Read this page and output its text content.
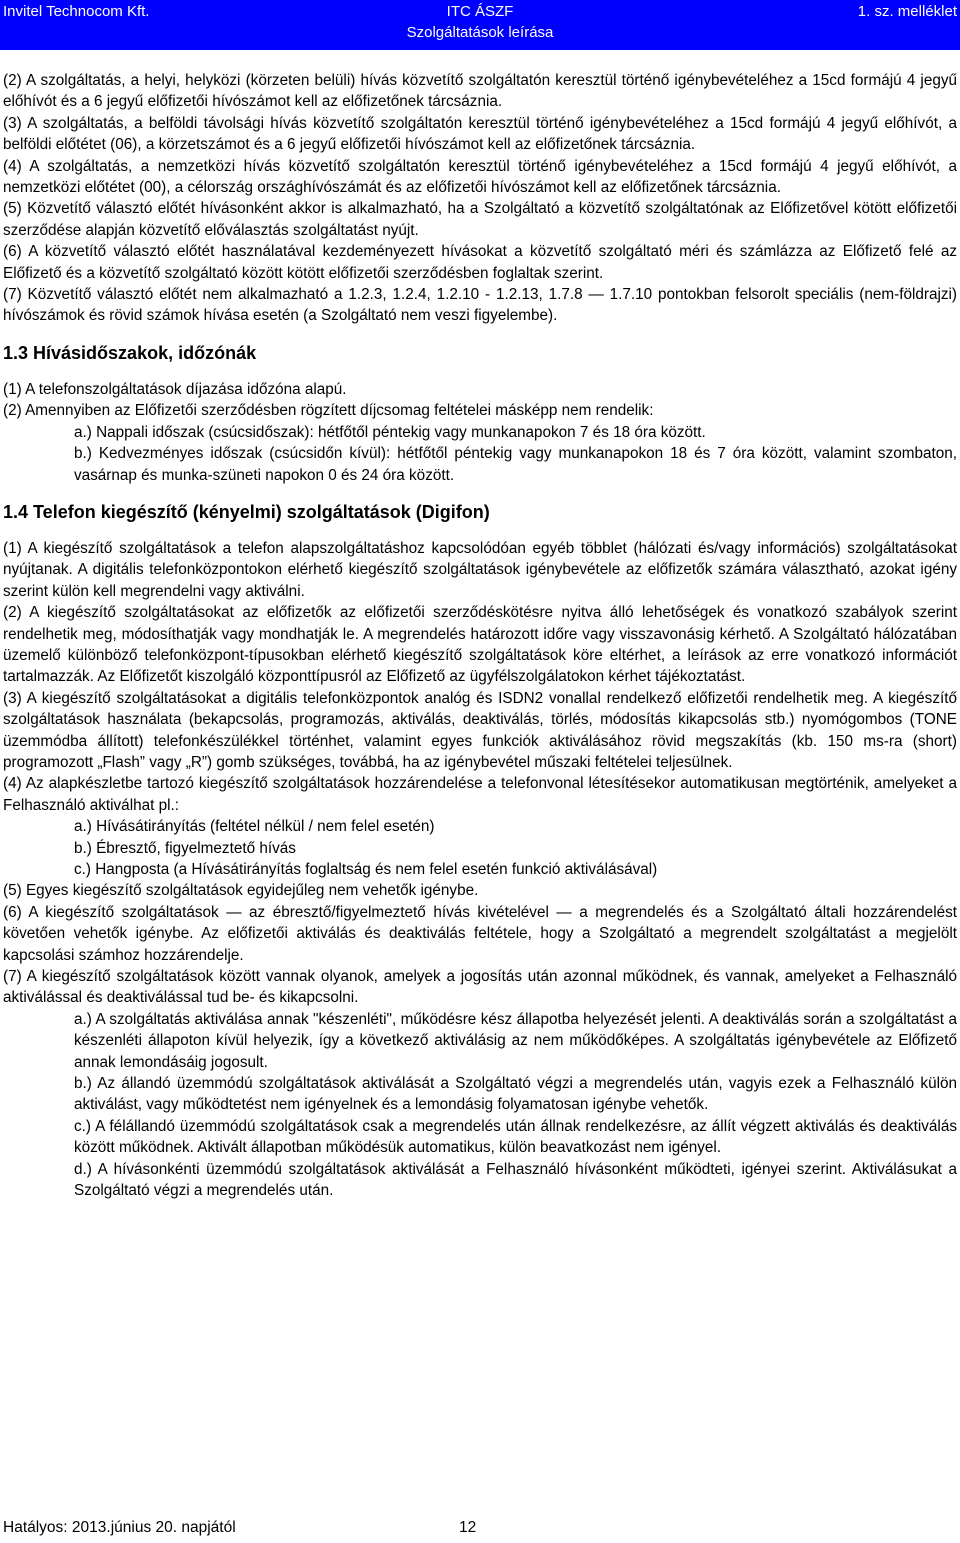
Invitel Technocom Kft.	ITC ÁSZF
Szolgáltatások leírása
1. sz. melléklet

(2) A szolgáltatás, a helyi, helyközi (körzeten belüli) hívás közvetítő szolgáltatón keresztül történő igénybevételéhez a 15cd formájú 4 jegyű előhívót és a 6 jegyű előfizetői hívószámot kell az előfizetőnek tárcsáznia.

(3) A szolgáltatás, a belföldi távolsági hívás közvetítő szolgáltatón keresztül történő igénybevételéhez a 15cd formájú 4 jegyű előhívót, a belföldi előtétet (06), a körzetszámot és a 6 jegyű előfizetői hívószámot kell az előfizetőnek tárcsáznia.

(4) A szolgáltatás, a nemzetközi hívás közvetítő szolgáltatón keresztül történő igénybevételéhez a 15cd formájú 4 jegyű előhívót, a nemzetközi előtétet (00), a célország országhívószámát és az előfizetői hívószámot kell az előfizetőnek tárcsáznia.

(5) Közvetítő választó előtét hívásonként akkor is alkalmazható, ha a Szolgáltató a közvetítő szolgáltatónak az Előfizetővel kötött előfizetői szerződése alapján közvetítő előválasztás szolgáltatást nyújt.

(6) A közvetítő választó előtét használatával kezdeményezett hívásokat a közvetítő szolgáltató méri és számlázza az Előfizető felé az Előfizető és a közvetítő szolgáltató között kötött előfizetői szerződésben foglaltak szerint.

(7) Közvetítő választó előtét nem alkalmazható a 1.2.3, 1.2.4, 1.2.10 - 1.2.13, 1.7.8 — 1.7.10 pontokban felsorolt speciális (nem-földrajzi) hívószámok és rövid számok hívása esetén (a Szolgáltató nem veszi figyelembe).

1.3 Hívásidőszakok, időzónák

(1) A telefonszolgáltatások díjazása időzóna alapú.

(2) Amennyiben az Előfizetői szerződésben rögzített díjcsomag feltételei másképp nem rendelik:

a.) Nappali időszak (csúcsidőszak): hétfőtől péntekig vagy munkanapokon 7 és 18 óra között.

b.) Kedvezményes időszak (csúcsidőn kívül): hétfőtől péntekig vagy munkanapokon 18 és 7 óra között, valamint szombaton, vasárnap és munka-szüneti napokon 0 és 24 óra között.

1.4 Telefon kiegészítő (kényelmi) szolgáltatások (Digifon)

(1) A kiegészítő szolgáltatások a telefon alapszolgáltatáshoz kapcsolódóan egyéb többlet (hálózati és/vagy információs) szolgáltatásokat nyújtanak. A digitális telefonközpontokon elérhető kiegészítő szolgáltatások igénybevétele az előfizetők számára választható, azokat igény szerint külön kell megrendelni vagy aktiválni.

(2) A kiegészítő szolgáltatásokat az előfizetők az előfizetői szerződéskötésre nyitva álló lehetőségek és vonatkozó szabályok szerint rendelhetik meg, módosíthatják vagy mondhatják le. A megrendelés határozott időre vagy visszavonásig kérhető. A Szolgáltató hálózatában üzemelő különböző telefonközpont-típusokban elérhető kiegészítő szolgáltatások köre eltérhet, a leírások az erre vonatkozó információt tartalmazzák. Az Előfizetőt kiszolgáló központtípusról az Előfizető az ügyfélszolgálatokon kérhet tájékoztatást.

(3) A kiegészítő szolgáltatásokat a digitális telefonközpontok analóg és ISDN2 vonallal rendelkező előfizetői rendelhetik meg. A kiegészítő szolgáltatások használata (bekapcsolás, programozás, aktiválás, deaktiválás, törlés, módosítás kikapcsolás stb.) nyomógombos (TONE üzemmódba állított) telefonkészülékkel történhet, valamint egyes funkciók aktiválásához rövid megszakítás (kb. 150 ms-ra (short) programozott „Flash” vagy „R”) gomb szükséges, továbbá, ha az igénybevétel műszaki feltételei teljesülnek.

(4) Az alapkészletbe tartozó kiegészítő szolgáltatások hozzárendelése a telefonvonal létesítésekor automatikusan megtörténik, amelyeket a Felhasználó aktiválhat pl.:

a.) Hívásátirányítás (feltétel nélkül / nem felel esetén)

b.) Ébresztő, figyelmeztető hívás

c.) Hangposta (a Hívásátirányítás foglaltság és nem felel esetén funkció aktiválásával)

(5) Egyes kiegészítő szolgáltatások egyidejűleg nem vehetők igénybe.

(6) A kiegészítő szolgáltatások — az ébresztő/figyelmeztető hívás kivételével — a megrendelés és a Szolgáltató általi hozzárendelést követően vehetők igénybe. Az előfizetői aktiválás és deaktiválás feltétele, hogy a Szolgáltató a megrendelt szolgáltatást a megjelölt kapcsolási számhoz hozzárendelje.

(7) A kiegészítő szolgáltatások között vannak olyanok, amelyek a jogosítás után azonnal működnek, és vannak, amelyeket a Felhasználó aktiválással és deaktiválással tud be- és kikapcsolni.

a.) A szolgáltatás aktiválása annak "készenléti", működésre kész állapotba helyezését jelenti. A deaktiválás során a szolgáltatást a készenléti állapoton kívül helyezik, így a következő aktiválásig az nem működőképes. A szolgáltatás igénybevétele az Előfizető annak lemondásáig jogosult.

b.) Az állandó üzemmódú szolgáltatások aktiválását a Szolgáltató végzi a megrendelés után, vagyis ezek a Felhasználó külön aktiválást, vagy működtetést nem igényelnek és a lemondásig folyamatosan igénybe vehetők.

c.) A félállandó üzemmódú szolgáltatások csak a megrendelés után állnak rendelkezésre, az állít végzett aktiválás és deaktiválás között működnek. Aktivált állapotban működésük automatikus, külön beavatkozást nem igényel.

d.) A hívásonkénti üzemmódú szolgáltatások aktiválását a Felhasználó hívásonként működteti, igényei szerint. Aktiválásukat a Szolgáltató végzi a megrendelés után.

Hatályos: 2013.június 20. napjától	12
